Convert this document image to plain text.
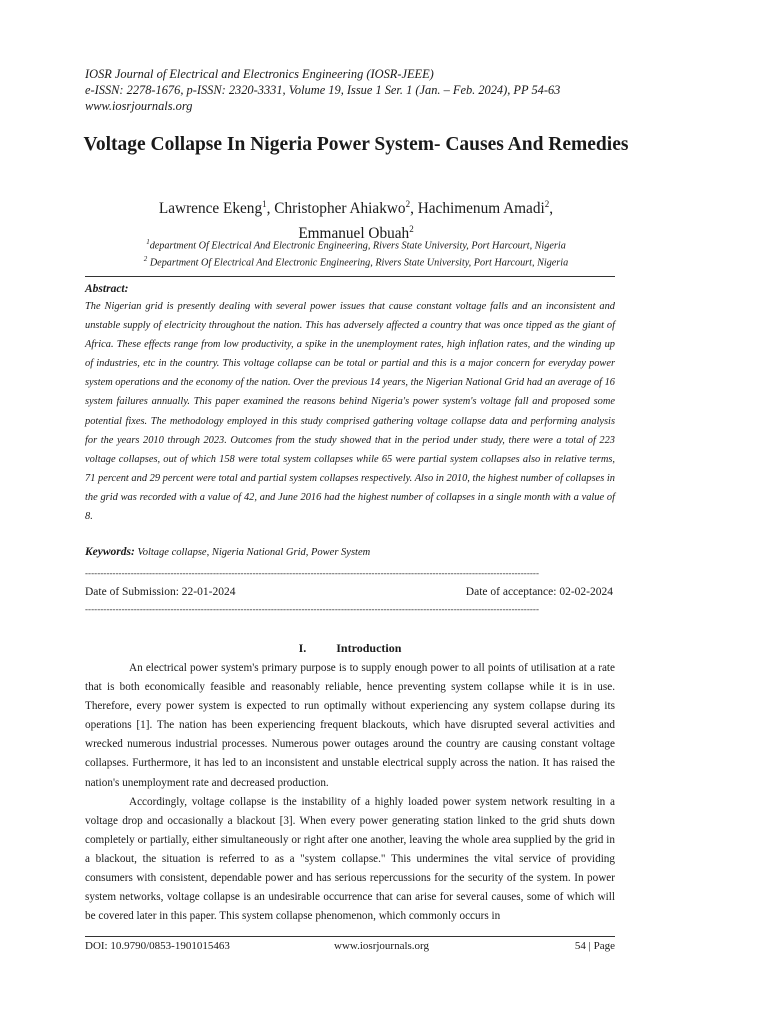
IOSR Journal of Electrical and Electronics Engineering (IOSR-JEEE)
e-ISSN: 2278-1676, p-ISSN: 2320-3331, Volume 19, Issue 1 Ser. 1 (Jan. – Feb. 2024), PP 54-63
www.iosrjournals.org
Voltage Collapse In Nigeria Power System- Causes And Remedies
Lawrence Ekeng$^1$, Christopher Ahiakwo$^2$, Hachimenum Amadi$^2$,
Emmanuel Obuah$^2$
$^1$department Of Electrical And Electronic Engineering, Rivers State University, Port Harcourt, Nigeria
$^2$ Department Of Electrical And Electronic Engineering, Rivers State University, Port Harcourt, Nigeria
Abstract:
The Nigerian grid is presently dealing with several power issues that cause constant voltage falls and an inconsistent and unstable supply of electricity throughout the nation. This has adversely affected a country that was once tipped as the giant of Africa. These effects range from low productivity, a spike in the unemployment rates, high inflation rates, and the winding up of industries, etc in the country. This voltage collapse can be total or partial and this is a major concern for everyday power system operations and the economy of the nation. Over the previous 14 years, the Nigerian National Grid had an average of 16 system failures annually. This paper examined the reasons behind Nigeria's power system's voltage fall and proposed some potential fixes. The methodology employed in this study comprised gathering voltage collapse data and performing analysis for the years 2010 through 2023. Outcomes from the study showed that in the period under study, there were a total of 223 voltage collapses, out of which 158 were total system collapses while 65 were partial system collapses also in relative terms, 71 percent and 29 percent were total and partial system collapses respectively. Also in 2010, the highest number of collapses in the grid was recorded with a value of 42, and June 2016 had the highest number of collapses in a single month with a value of 8.
Keywords: Voltage collapse, Nigeria National Grid, Power System
-----------------------------------------------------------------------------------------------------------------------------------------------------
Date of Submission: 22-01-2024	Date of acceptance: 02-02-2024
-----------------------------------------------------------------------------------------------------------------------------------------------------
I.	Introduction

An electrical power system's primary purpose is to supply enough power to all points of utilisation at a rate that is both economically feasible and reasonably reliable, hence preventing system collapse while it is in use. Therefore, every power system is expected to run optimally without experiencing any system collapse during its operations [1]. The nation has been experiencing frequent blackouts, which have disrupted several activities and wrecked numerous industrial processes. Numerous power outages around the country are causing constant voltage collapses. Furthermore, it has led to an inconsistent and unstable electrical supply across the nation. It has raised the nation's unemployment rate and decreased production.

Accordingly, voltage collapse is the instability of a highly loaded power system network resulting in a voltage drop and occasionally a blackout [3]. When every power generating station linked to the grid shuts down completely or partially, either simultaneously or right after one another, leaving the whole area supplied by the grid in a blackout, the situation is referred to as a "system collapse." This undermines the vital service of providing consumers with consistent, dependable power and has serious repercussions for the security of the system. In power system networks, voltage collapse is an undesirable occurrence that can arise for several causes, some of which will be covered later in this paper. This system collapse phenomenon, which commonly occurs in

DOI: 10.9790/0853-1901015463	www.iosrjournals.org	54 | Page
